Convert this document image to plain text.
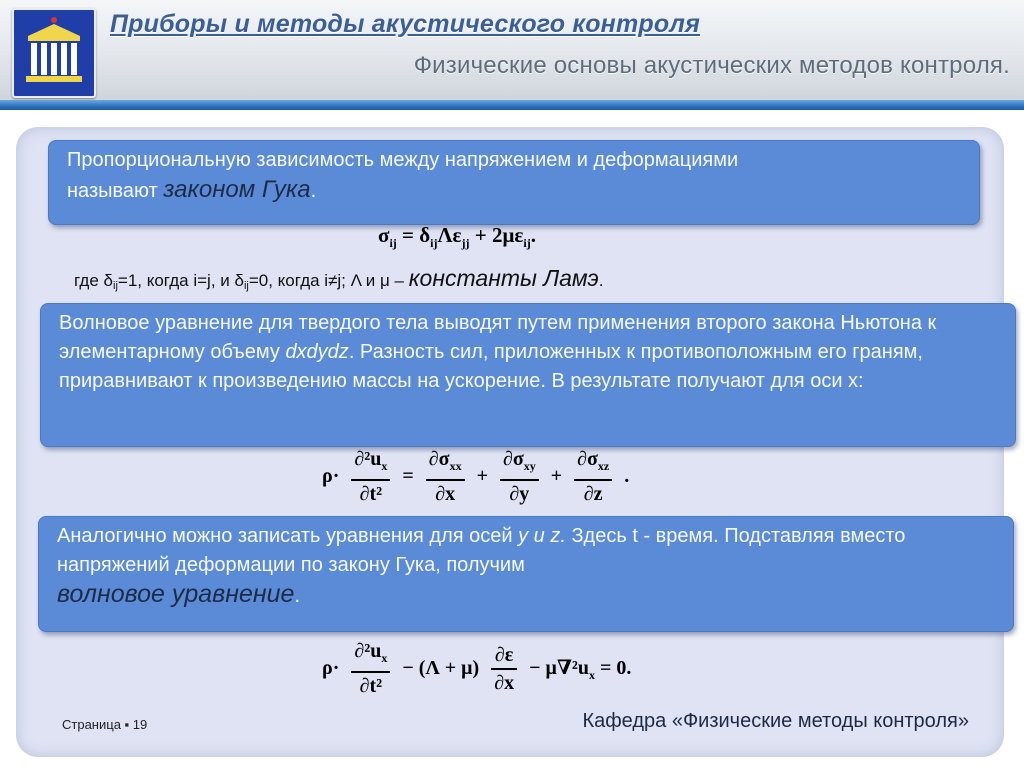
Приборы и методы акустического контроля
Физические основы акустических методов контроля.

Пропорциональную зависимость между напряжением и деформациями

называют законом Гука.

$\sigma_{ij} = \delta_{ij}\Lambda\varepsilon_{jj} + 2\mu\varepsilon_{ij}$.
где $\delta_{ij}=1$, когда i=j, и $\delta_{ij}=0$, когда i≠j; Λ и μ – константы Ламэ.
Волновое уравнение для твердого тела выводят путем применения второго закона Ньютона к элементарному объему dxdydz. Разность сил, приложенных к противоположным его граням, приравнивают к произведению массы на ускорение. В результате получают для оси x:
$\rho\cdot \frac{\partial^2u_x}{\text{∂t²}} = \frac{\partial\sigma_{xx}}{\partial x} + \frac{\partial\sigma_{xy}}{\partial y} + \frac{\partial\sigma_{xz}}{\partial z}$ .
Аналогично можно записать уравнения для осей y и z. Здесь t - время. Подставляя вместо напряжений деформации по закону Гука, получим
волновое уравнение.
$\rho\cdot \frac{\partial^2u_x}{\text{∂t²}} - (\Lambda + \mu) \frac{\partial\varepsilon}{\partial x} - \mu\nabla^2u_x = 0$.
Страница ▪ 19	Кафедра «Физические методы контроля»
